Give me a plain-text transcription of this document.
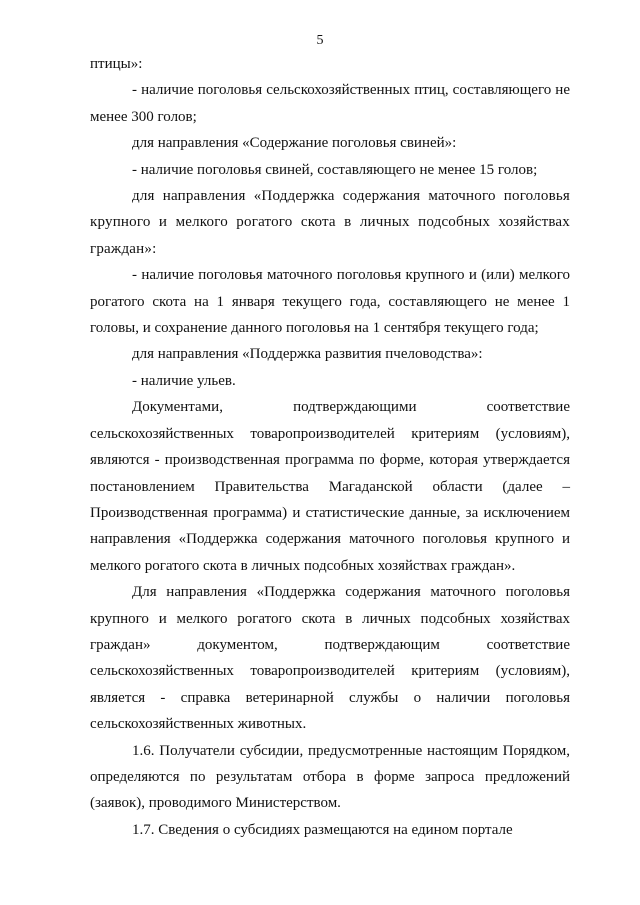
5

птицы»:

- наличие поголовья сельскохозяйственных птиц, составляющего не менее 300 голов;

для направления «Содержание поголовья свиней»:

- наличие поголовья свиней, составляющего не менее 15 голов;

для направления «Поддержка содержания маточного поголовья крупного и мелкого рогатого скота в личных подсобных хозяйствах граждан»:

- наличие поголовья маточного поголовья крупного и (или) мелкого рогатого скота на 1 января текущего года, составляющего не менее 1 головы, и сохранение данного поголовья на 1 сентября текущего года;

для направления «Поддержка развития пчеловодства»:

- наличие ульев.

Документами, подтверждающими соответствие сельскохозяйственных товаропроизводителей критериям (условиям), являются - производственная программа по форме, которая утверждается постановлением Правительства Магаданской области (далее – Производственная программа) и статистические данные, за исключением направления «Поддержка содержания маточного поголовья крупного и мелкого рогатого скота в личных подсобных хозяйствах граждан».

Для направления «Поддержка содержания маточного поголовья крупного и мелкого рогатого скота в личных подсобных хозяйствах граждан» документом, подтверждающим соответствие сельскохозяйственных товаропроизводителей критериям (условиям), является - справка ветеринарной службы о наличии поголовья сельскохозяйственных животных.

1.6. Получатели субсидии, предусмотренные настоящим Порядком, определяются по результатам отбора в форме запроса предложений (заявок), проводимого Министерством.

1.7. Сведения о субсидиях размещаются на едином портале
